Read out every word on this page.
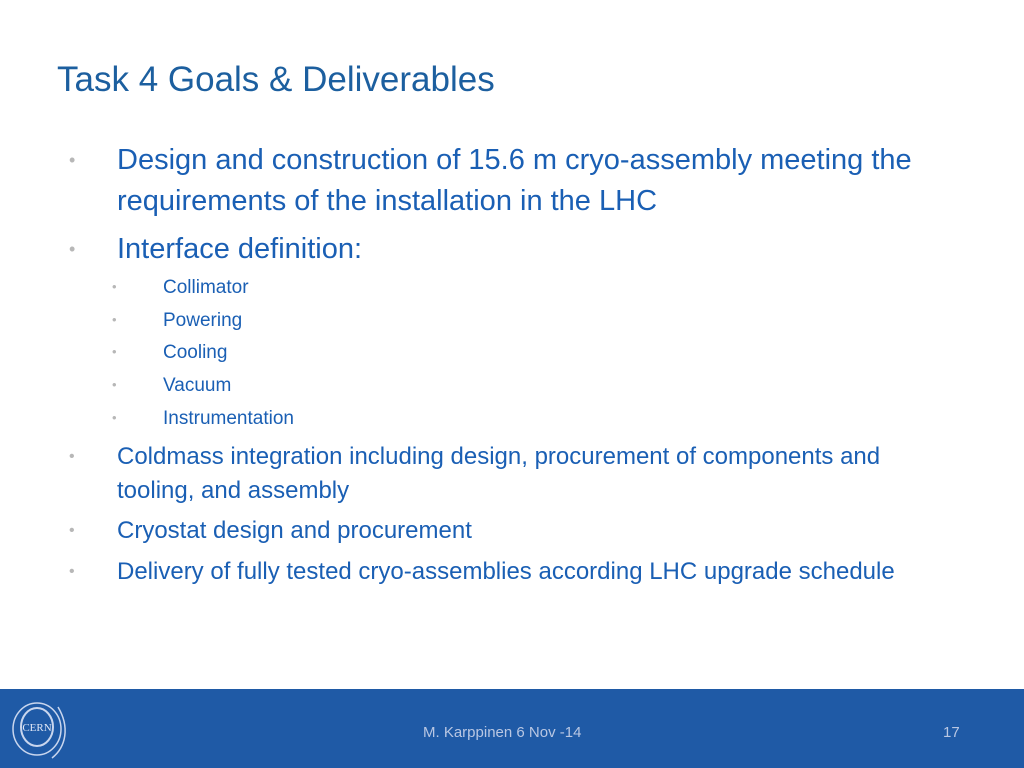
Task 4 Goals & Deliverables
• Design and construction of 15.6 m cryo-assembly meeting the requirements of the installation in the LHC
• Interface definition:
• Collimator
• Powering
• Cooling
• Vacuum
• Instrumentation
• Coldmass integration including design, procurement of components and tooling, and assembly
• Cryostat design and procurement
• Delivery of fully tested cryo-assemblies according LHC upgrade schedule
CERN	M. Karppinen 6 Nov -14	17
